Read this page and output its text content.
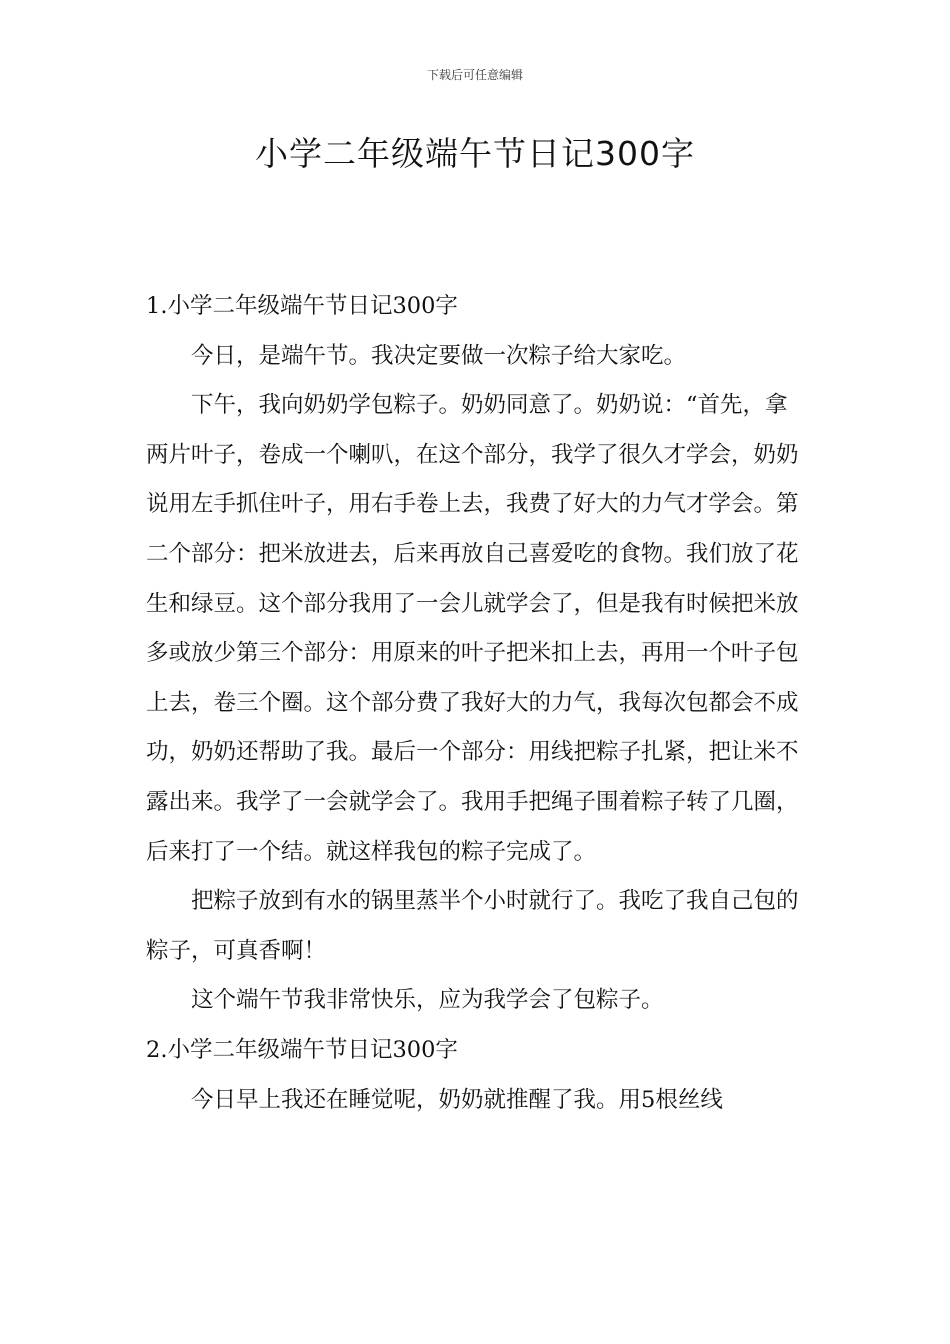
下载后可任意编辑
小学二年级端午节日记300字

1.小学二年级端午节日记300字

今日，是端午节。我决定要做一次粽子给大家吃。

下午，我向奶奶学包粽子。奶奶同意了。奶奶说：“首先，拿两片叶子，卷成一个喇叭，在这个部分，我学了很久才学会，奶奶说用左手抓住叶子，用右手卷上去，我费了好大的力气才学会。第二个部分：把米放进去，后来再放自己喜爱吃的食物。我们放了花生和绿豆。这个部分我用了一会儿就学会了，但是我有时候把米放多或放少第三个部分：用原来的叶子把米扣上去，再用一个叶子包上去，卷三个圈。这个部分费了我好大的力气，我每次包都会不成功，奶奶还帮助了我。最后一个部分：用线把粽子扎紧，把让米不露出来。我学了一会就学会了。我用手把绳子围着粽子转了几圈，后来打了一个结。就这样我包的粽子完成了。

把粽子放到有水的锅里蒸半个小时就行了。我吃了我自己包的粽子，可真香啊！

这个端午节我非常快乐，应为我学会了包粽子。

2.小学二年级端午节日记300字

今日早上我还在睡觉呢，奶奶就推醒了我。用5根丝线
